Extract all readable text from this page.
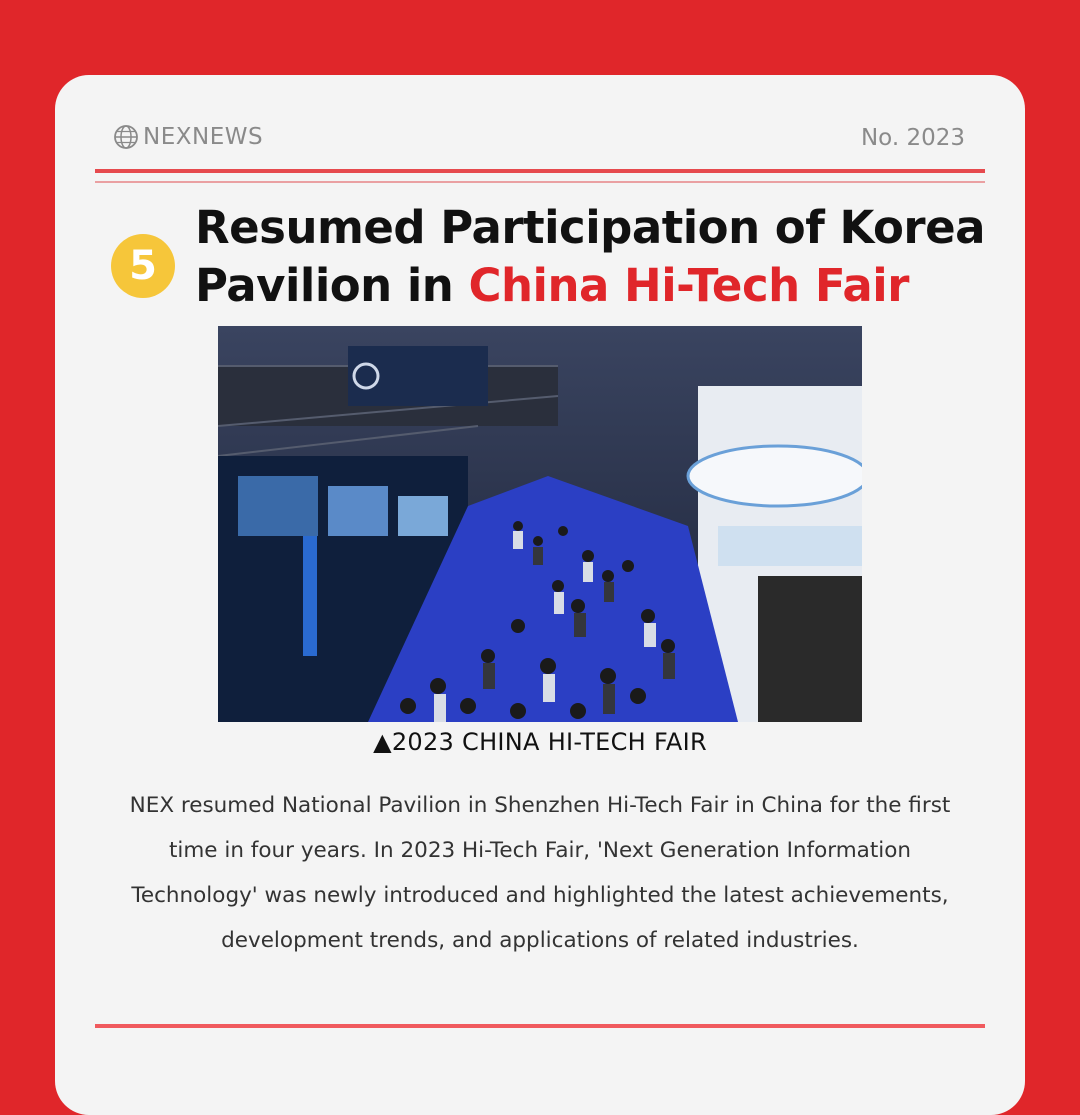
NEXNEWS	No. 2023
5
Resumed Participation of Korea
Pavilion in China Hi-Tech Fair
▲2023 CHINA HI-TECH FAIR
NEX resumed National Pavilion in Shenzhen Hi-Tech Fair in China for the first time in four years. In 2023 Hi-Tech Fair, 'Next Generation Information Technology' was newly introduced and highlighted the latest achievements, development trends, and applications of related industries.
